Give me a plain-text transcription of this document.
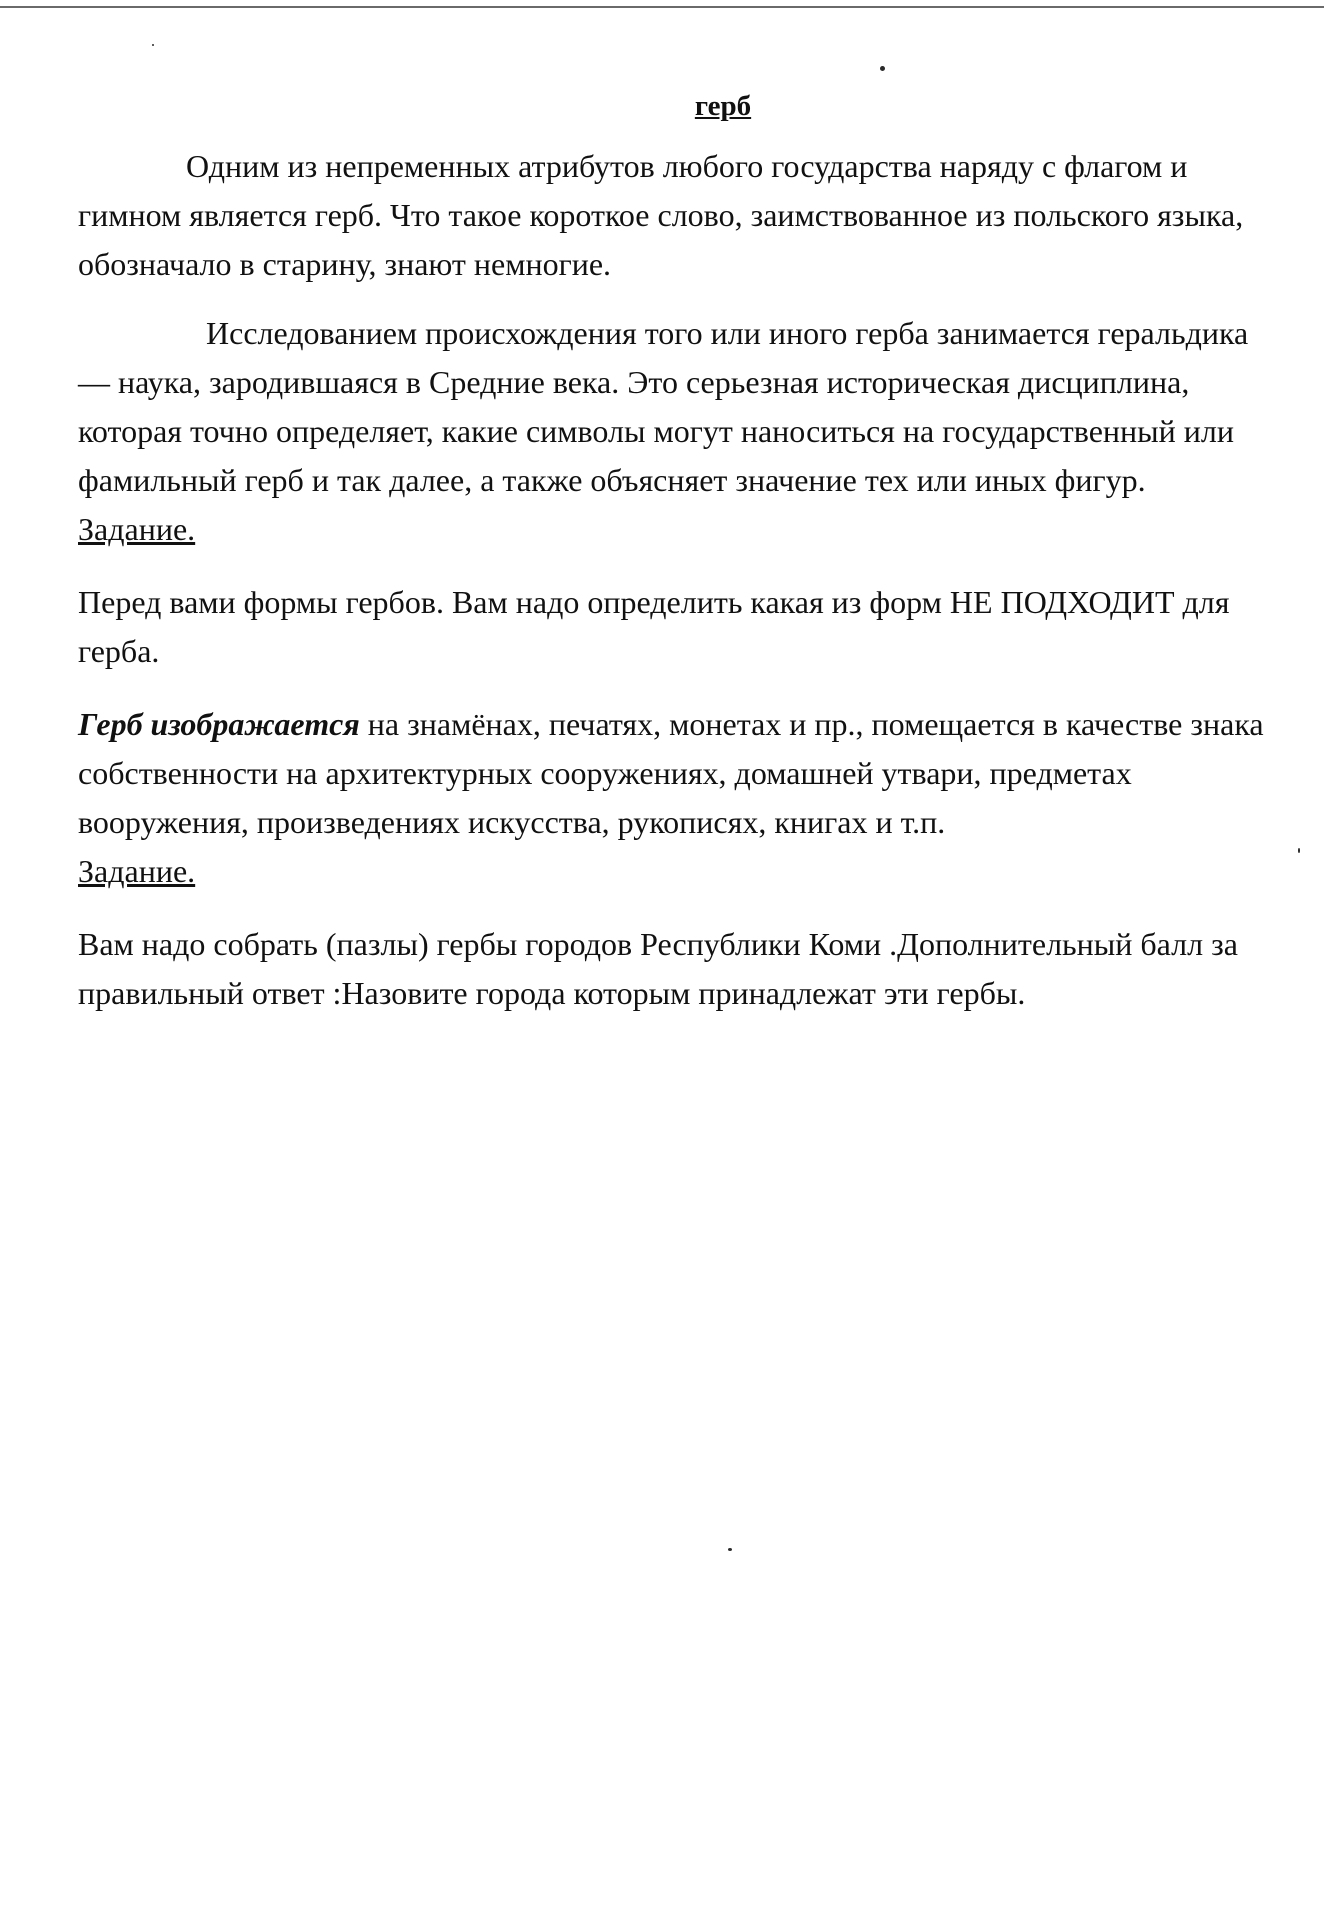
герб

Одним из непременных атрибутов любого государства наряду с флагом и гимном является герб. Что такое короткое слово, заимствованное из польского языка, обозначало в старину, знают немногие.

Исследованием происхождения того или иного герба занимается геральдика — наука, зародившаяся в Средние века. Это серьезная историческая дисциплина, которая точно определяет, какие символы могут наноситься на государственный или фамильный герб и так далее, а также объясняет значение тех или иных фигур.

Задание.

Перед вами формы гербов. Вам надо определить какая из форм НЕ ПОДХОДИТ для герба.

Герб изображается на знамёнах, печатях, монетах и пр., помещается в качестве знака собственности на архитектурных сооружениях, домашней утвари, предметах вооружения, произведениях искусства, рукописях, книгах и т.п.

Задание.

Вам надо собрать (пазлы) гербы городов Республики Коми .Дополнительный балл за правильный ответ :Назовите города которым принадлежат эти гербы.
